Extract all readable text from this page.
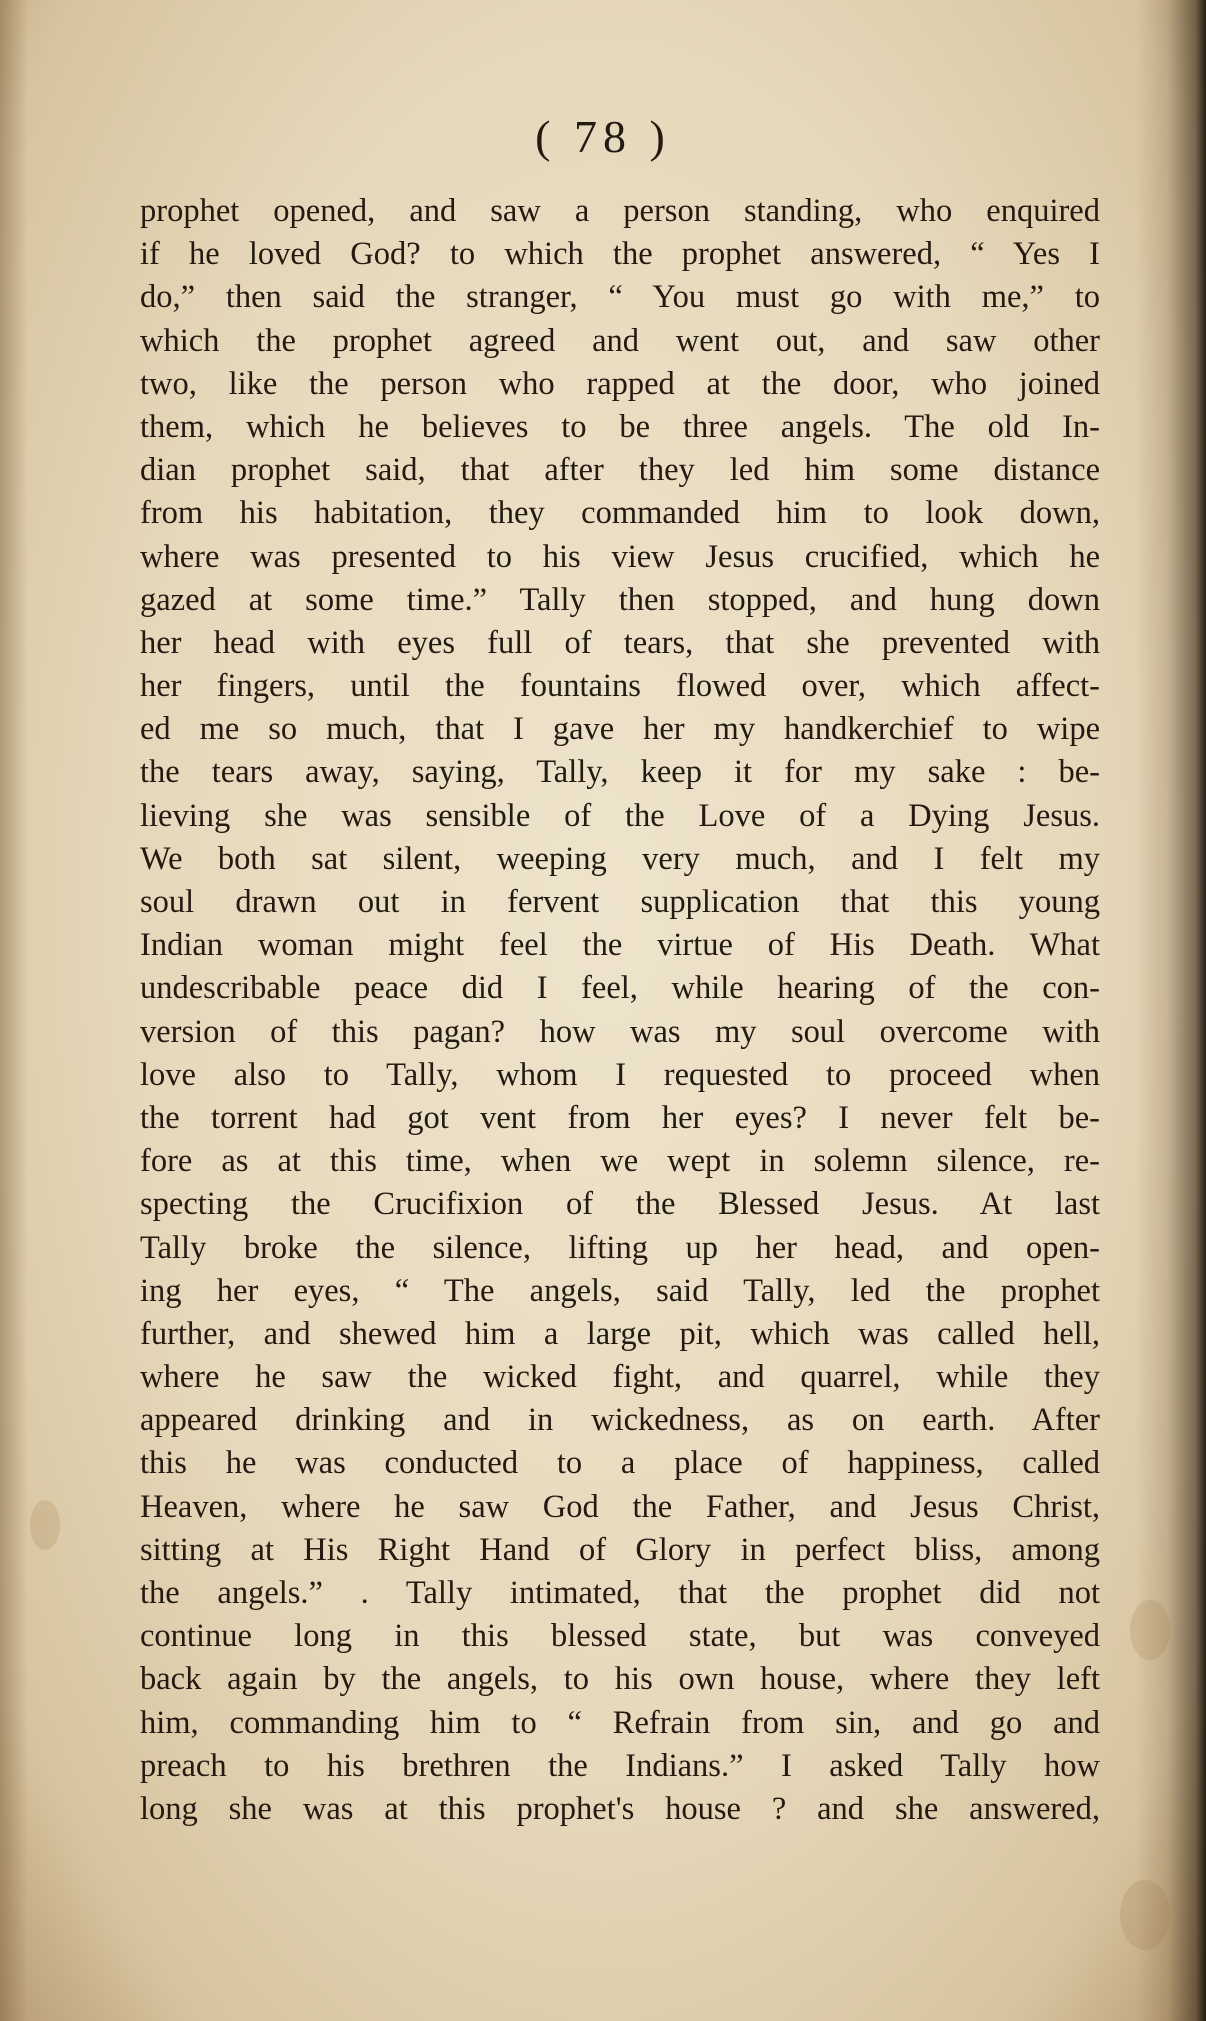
( 78 )
prophet opened, and saw a person standing, who enquired
if he loved God? to which the prophet answered, “ Yes I
do,” then said the stranger, “ You must go with me,” to
which the prophet agreed and went out, and saw other
two, like the person who rapped at the door, who joined
them, which he believes to be three angels. The old In-
dian prophet said, that after they led him some distance
from his habitation, they commanded him to look down,
where was presented to his view Jesus crucified, which he
gazed at some time.” Tally then stopped, and hung down
her head with eyes full of tears, that she prevented with
her fingers, until the fountains flowed over, which affect-
ed me so much, that I gave her my handkerchief to wipe
the tears away, saying, Tally, keep it for my sake : be-
lieving she was sensible of the Love of a Dying Jesus.
We both sat silent, weeping very much, and I felt my
soul drawn out in fervent supplication that this young
Indian woman might feel the virtue of His Death. What
undescribable peace did I feel, while hearing of the con-
version of this pagan? how was my soul overcome with
love also to Tally, whom I requested to proceed when
the torrent had got vent from her eyes? I never felt be-
fore as at this time, when we wept in solemn silence, re-
specting the Crucifixion of the Blessed Jesus. At last
Tally broke the silence, lifting up her head, and open-
ing her eyes, “ The angels, said Tally, led the prophet
further, and shewed him a large pit, which was called hell,
where he saw the wicked fight, and quarrel, while they
appeared drinking and in wickedness, as on earth. After
this he was conducted to a place of happiness, called
Heaven, where he saw God the Father, and Jesus Christ,
sitting at His Right Hand of Glory in perfect bliss, among
the angels.” . Tally intimated, that the prophet did not
continue long in this blessed state, but was conveyed
back again by the angels, to his own house, where they left
him, commanding him to “ Refrain from sin, and go and
preach to his brethren the Indians.” I asked Tally how
long she was at this prophet's house ? and she answered,
